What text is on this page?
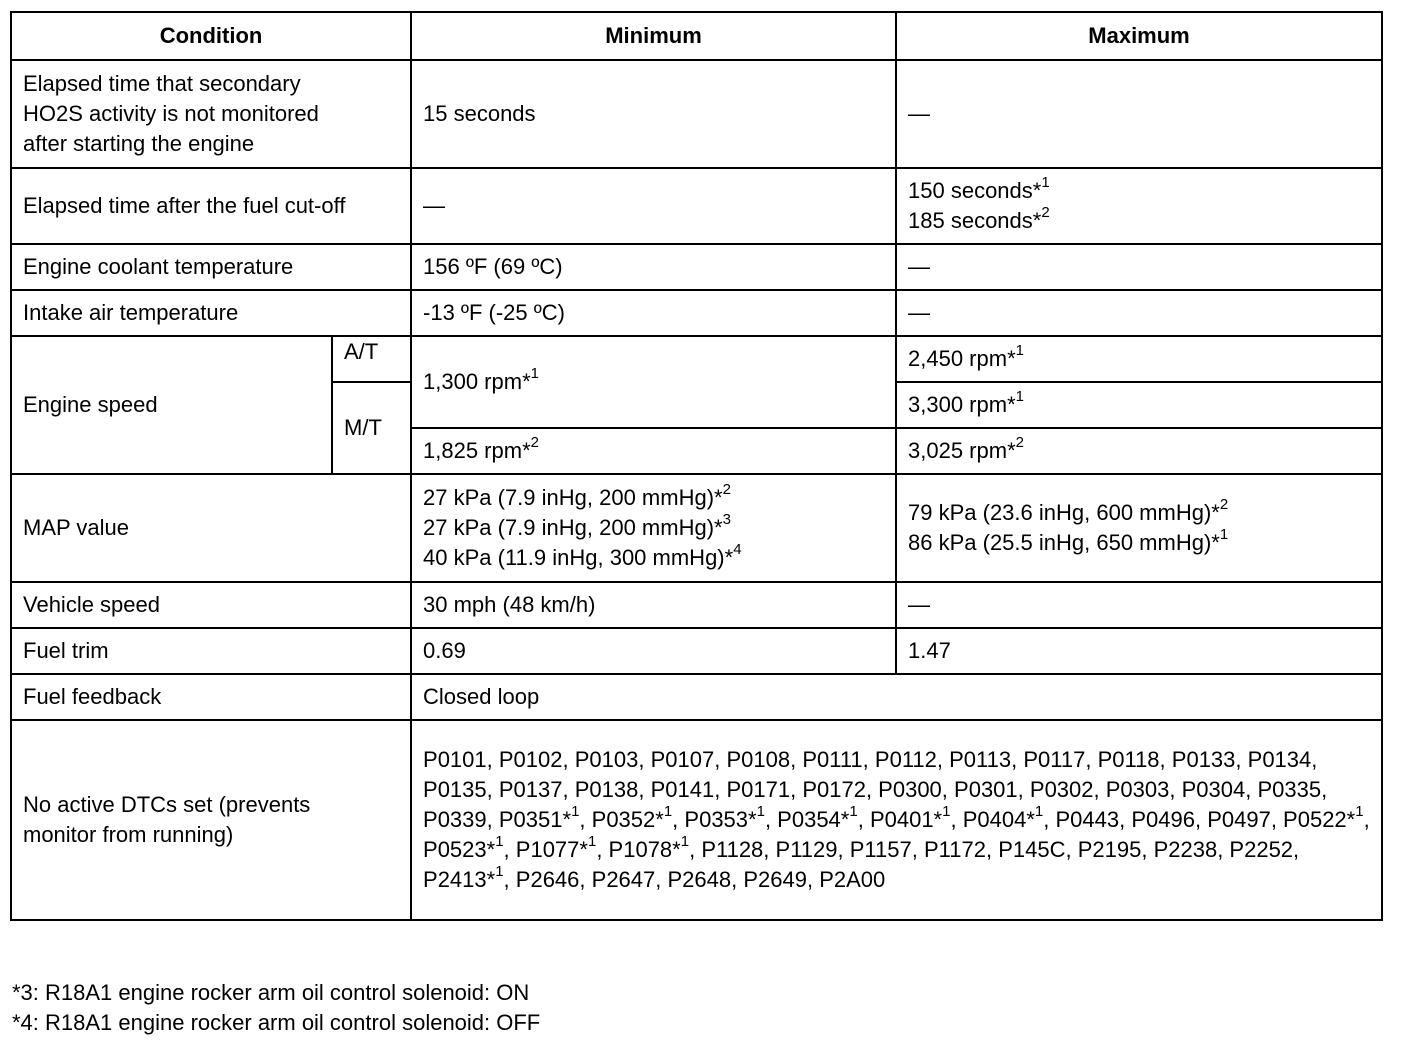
Condition		Minimum	Maximum

Elapsed time that secondary
HO2S activity is not monitored
after starting the engine		15 seconds	—
Elapsed time after the fuel cut-off		—	150 seconds*$^1$
185 seconds*$^2$

Engine coolant temperature		156 ºF (69 ºC)	—
Intake air temperature		-13 ºF (-25 ºC)	—
Engine speed	A/T	1,300 rpm*$^1$	2,450 rpm*$^1$
	M/T		3,300 rpm*$^1$
		1,825 rpm*$^2$	3,025 rpm*$^2$
MAP value		27 kPa (7.9 inHg, 200 mmHg)*$^2$
27 kPa (7.9 inHg, 200 mmHg)*$^3$
40 kPa (11.9 inHg, 300 mmHg)*$^4$	79 kPa (23.6 inHg, 600 mmHg)*$^2$
86 kPa (25.5 inHg, 650 mmHg)*$^1$

Vehicle speed		30 mph (48 km/h)	—
Fuel trim		0.69	1.47
Fuel feedback		Closed loop	

No active DTCs set (prevents
monitor from running)		P0101, P0102, P0103, P0107, P0108, P0111, P0112, P0113, P0117, P0118, P0133, P0134, P0135, P0137, P0138, P0141, P0171, P0172, P0300, P0301, P0302, P0303, P0304, P0335, P0339, P0351*$^1$, P0352*$^1$, P0353*$^1$, P0354*$^1$, P0401*$^1$, P0404*$^1$, P0443, P0496, P0497, P0522*$^1$, P0523*$^1$, P1077*$^1$, P1078*$^1$, P1128, P1129, P1157, P1172, P145C, P2195, P2238, P2252, P2413*$^1$, P2646, P2647, P2648, P2649, P2A00	
*3: R18A1 engine rocker arm oil control solenoid: ON
*4: R18A1 engine rocker arm oil control solenoid: OFF
